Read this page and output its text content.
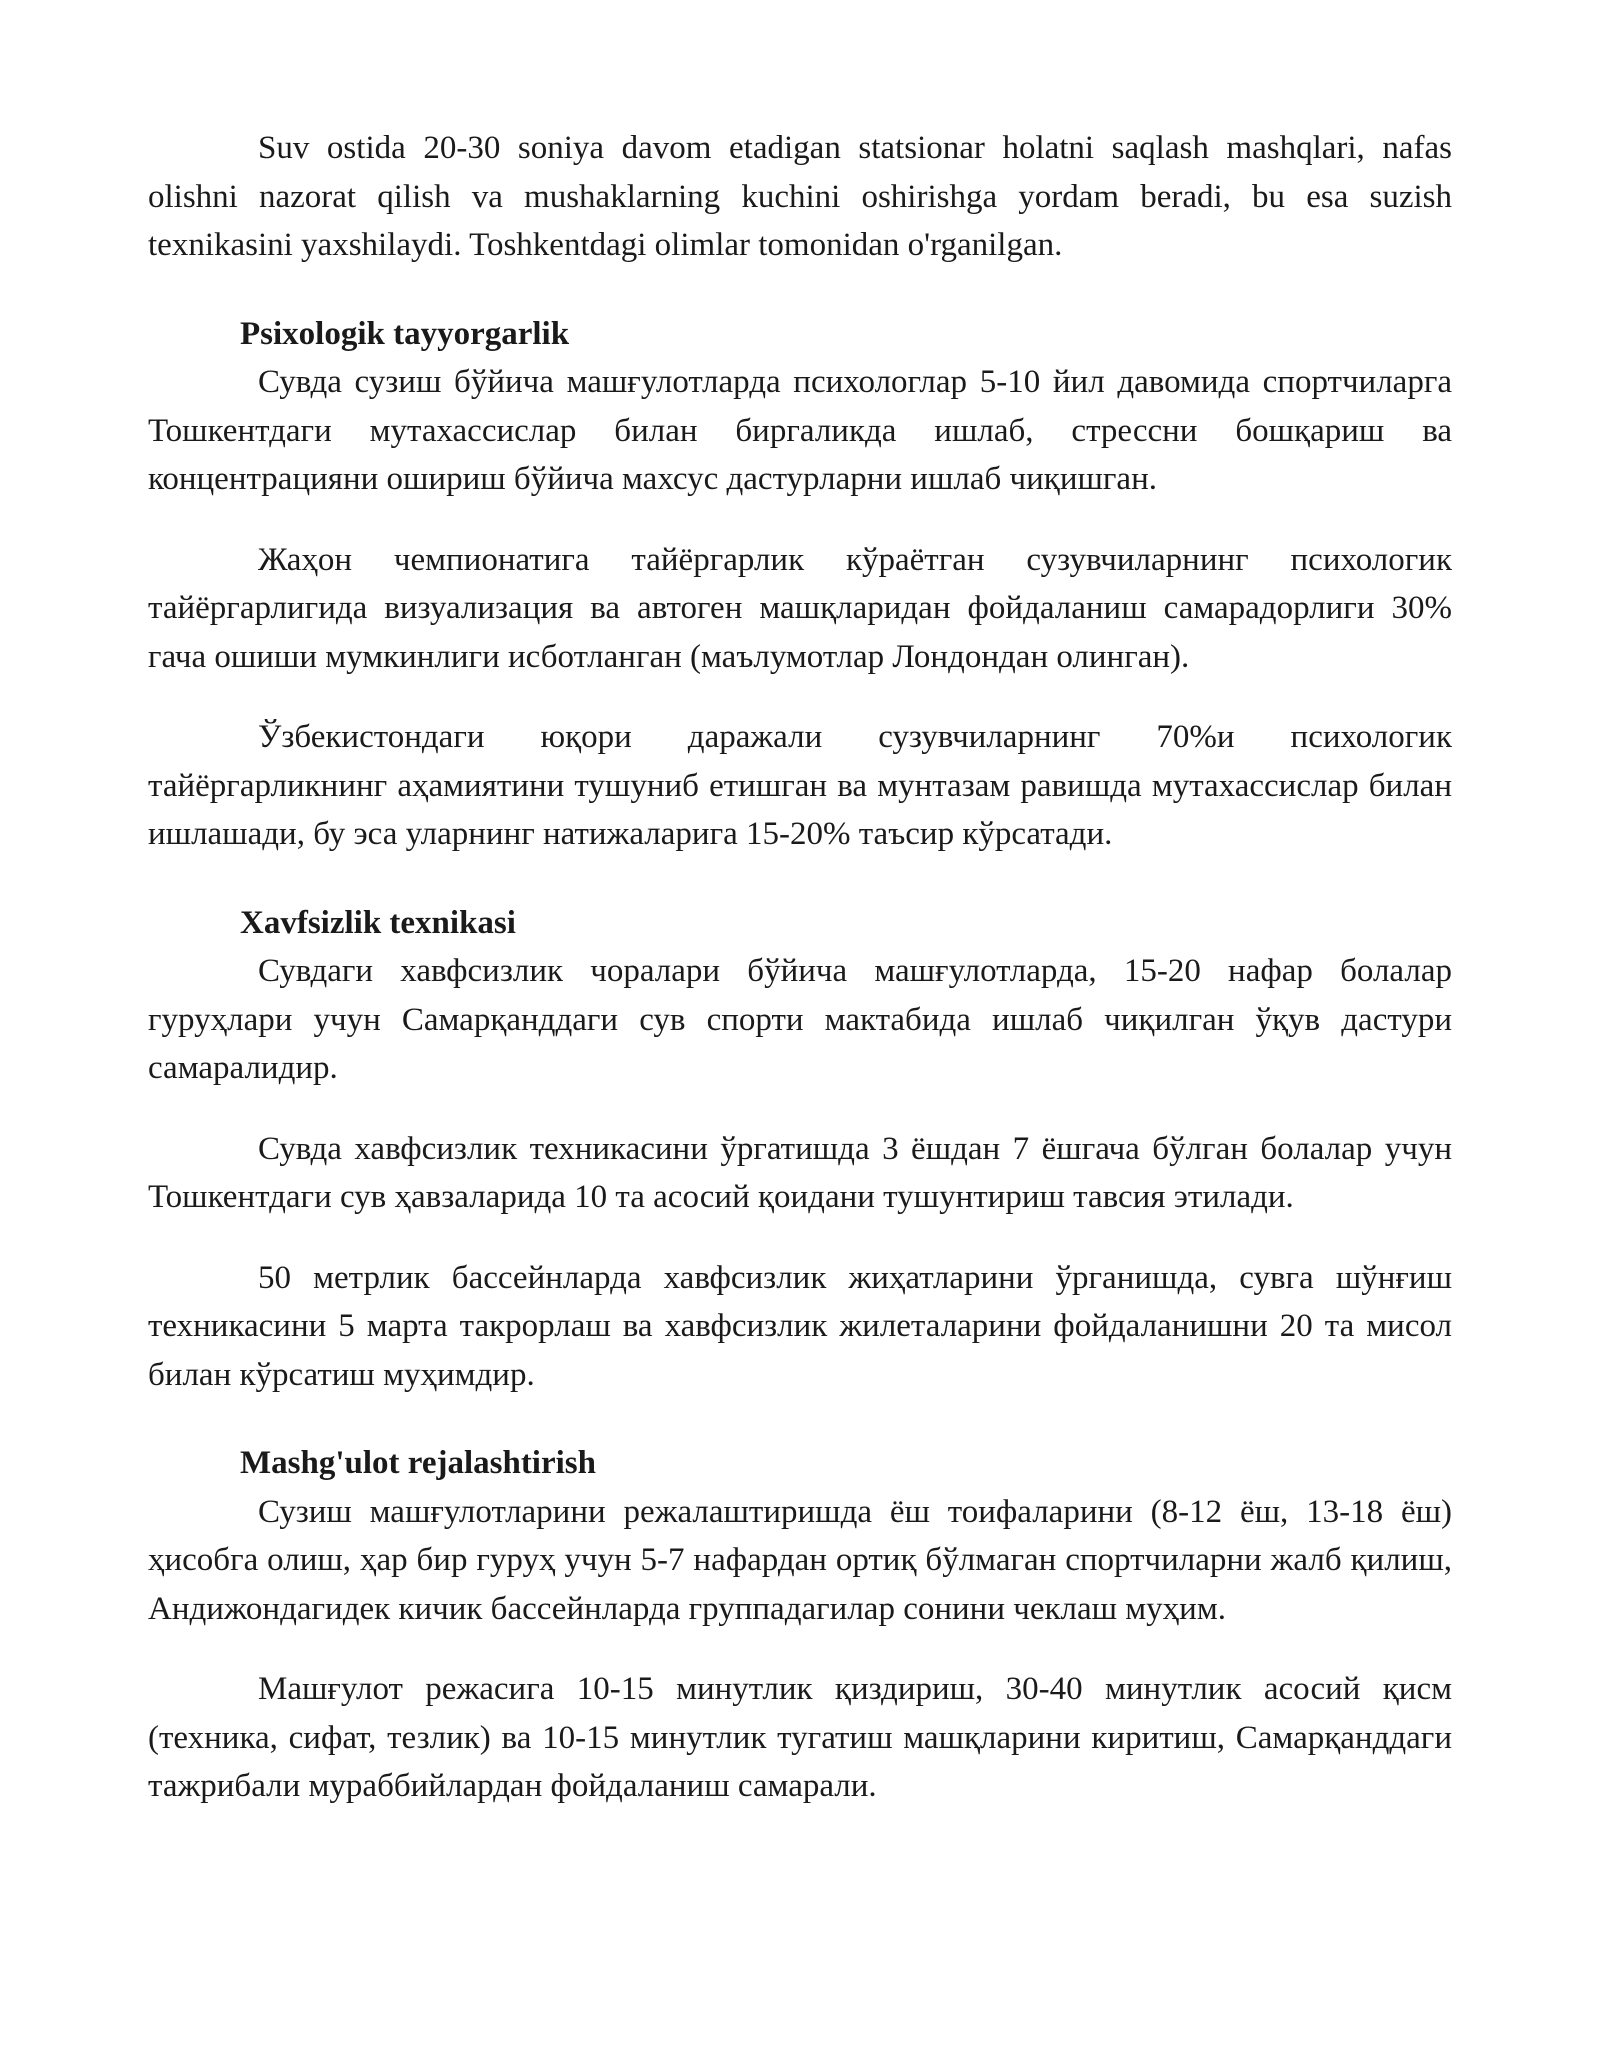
Suv ostida 20-30 soniya davom etadigan statsionar holatni saqlash mashqlari, nafas olishni nazorat qilish va mushaklarning kuchini oshirishga yordam beradi, bu esa suzish texnikasini yaxshilaydi. Toshkentdagi olimlar tomonidan o'rganilgan.

Psixologik tayyorgarlik

Сувда сузиш бўйича машғулотларда психологлар 5-10 йил давомида спортчиларга Тошкентдаги мутахассислар билан биргаликда ишлаб, стрессни бошқариш ва концентрацияни ошириш бўйича махсус дастурларни ишлаб чиқишган.

Жаҳон чемпионатига тайёргарлик кўраётган сузувчиларнинг психологик тайёргарлигида визуализация ва автоген машқларидан фойдаланиш самарадорлиги 30% гача ошиши мумкинлиги исботланган (маълумотлар Лондондан олинган).

Ўзбекистондаги юқори даражали сузувчиларнинг 70%и психологик тайёргарликнинг аҳамиятини тушуниб етишган ва мунтазам равишда мутахассислар билан ишлашади, бу эса уларнинг натижаларига 15-20% таъсир кўрсатади.

Xavfsizlik texnikasi

Сувдаги хавфсизлик чоралари бўйича машғулотларда, 15-20 нафар болалар гуруҳлари учун Самарқанддаги сув спорти мактабида ишлаб чиқилган ўқув дастури самаралидир.

Сувда хавфсизлик техникасини ўргатишда 3 ёшдан 7 ёшгача бўлган болалар учун Тошкентдаги сув ҳавзаларида 10 та асосий қоидани тушунтириш тавсия этилади.

50 метрлик бассейнларда хавфсизлик жиҳатларини ўрганишда, сувга шўнғиш техникасини 5 марта такрорлаш ва хавфсизлик жилеталарини фойдаланишни 20 та мисол билан кўрсатиш муҳимдир.

Mashg'ulot rejalashtirish

Сузиш машғулотларини режалаштиришда ёш тоифаларини (8-12 ёш, 13-18 ёш) ҳисобга олиш, ҳар бир гуруҳ учун 5-7 нафардан ортиқ бўлмаган спортчиларни жалб қилиш, Андижондагидек кичик бассейнларда группадагилар сонини чеклаш муҳим.

Машғулот режасига 10-15 минутлик қиздириш, 30-40 минутлик асосий қисм (техника, сифат, тезлик) ва 10-15 минутлик тугатиш машқларини киритиш, Самарқанддаги тажрибали мураббийлардан фойдаланиш самарали.
